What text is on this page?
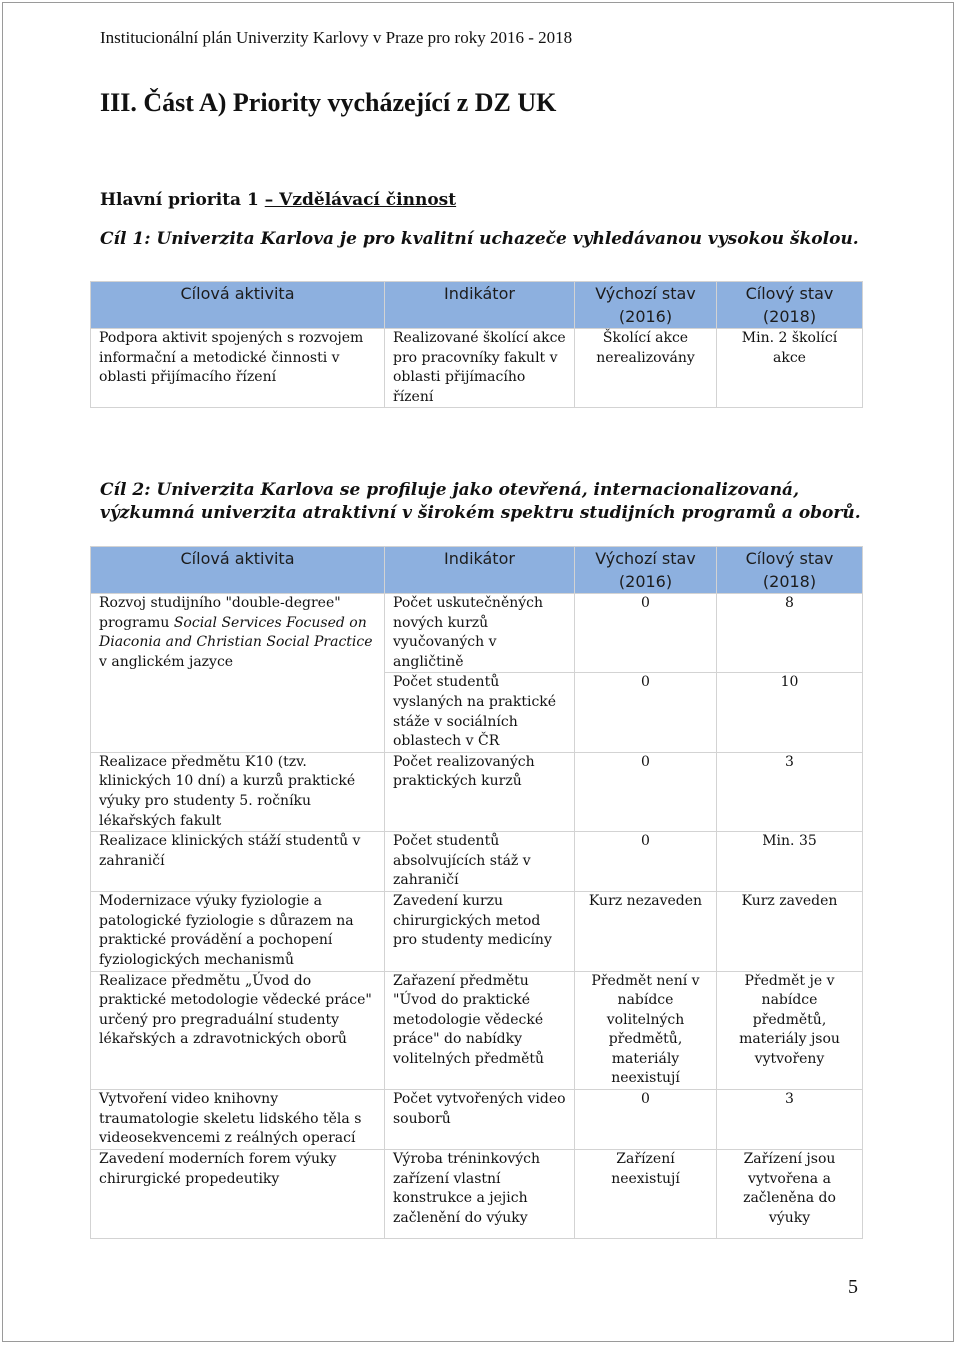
Institucionální plán Univerzity Karlovy v Praze pro roky 2016 - 2018
III. Část A) Priority vycházející z DZ UK
Hlavní priorita 1 – Vzdělávací činnost
Cíl 1: Univerzita Karlova je pro kvalitní uchazeče vyhledávanou vysokou školou.
Cílová aktivita	Indikátor	Výchozí stav (2016)	Cílový stav (2018)
Podpora aktivit spojených s rozvojem informační a metodické činnosti v oblasti přijímacího řízení	Realizované školící akce pro pracovníky fakult v oblasti přijímacího řízení	Školící akce nerealizovány	Min. 2 školící akce
Cíl 2: Univerzita Karlova se profiluje jako otevřená, internacionalizovaná, výzkumná univerzita atraktivní v širokém spektru studijních programů a oborů.
Cílová aktivita	Indikátor	Výchozí stav (2016)	Cílový stav (2018)
Rozvoj studijního "double-degree" programu Social Services Focused on Diaconia and Christian Social Practice v anglickém jazyce	Počet uskutečněných nových kurzů vyučovaných v angličtině	0	8
	Počet studentů vyslaných na praktické stáže v sociálních oblastech v ČR	0	10
Realizace předmětu K10 (tzv. klinických 10 dní) a kurzů praktické výuky pro studenty 5. ročníku lékařských fakult	Počet realizovaných praktických kurzů	0	3
Realizace klinických stáží studentů v zahraničí	Počet studentů absolvujících stáž v zahraničí	0	Min. 35
Modernizace výuky fyziologie a patologické fyziologie s důrazem na praktické provádění a pochopení fyziologických mechanismů	Zavedení kurzu chirurgických metod pro studenty medicíny	Kurz nezaveden	Kurz zaveden
Realizace předmětu „Úvod do praktické metodologie vědecké práce" určený pro pregraduální studenty lékařských a zdravotnických oborů	Zařazení předmětu "Úvod do praktické metodologie vědecké práce" do nabídky volitelných předmětů	Předmět není v nabídce volitelných předmětů, materiály neexistují	Předmět je v nabídce předmětů, materiály jsou vytvořeny
Vytvoření video knihovny traumatologie skeletu lidského těla s videosekvencemi z reálných operací	Počet vytvořených video souborů	0	3
Zavedení moderních forem výuky chirurgické propedeutiky	Výroba tréninkových zařízení vlastní konstrukce a jejich začlenění do výuky	Zařízení neexistují	Zařízení jsou vytvořena a začleněna do výuky
5
